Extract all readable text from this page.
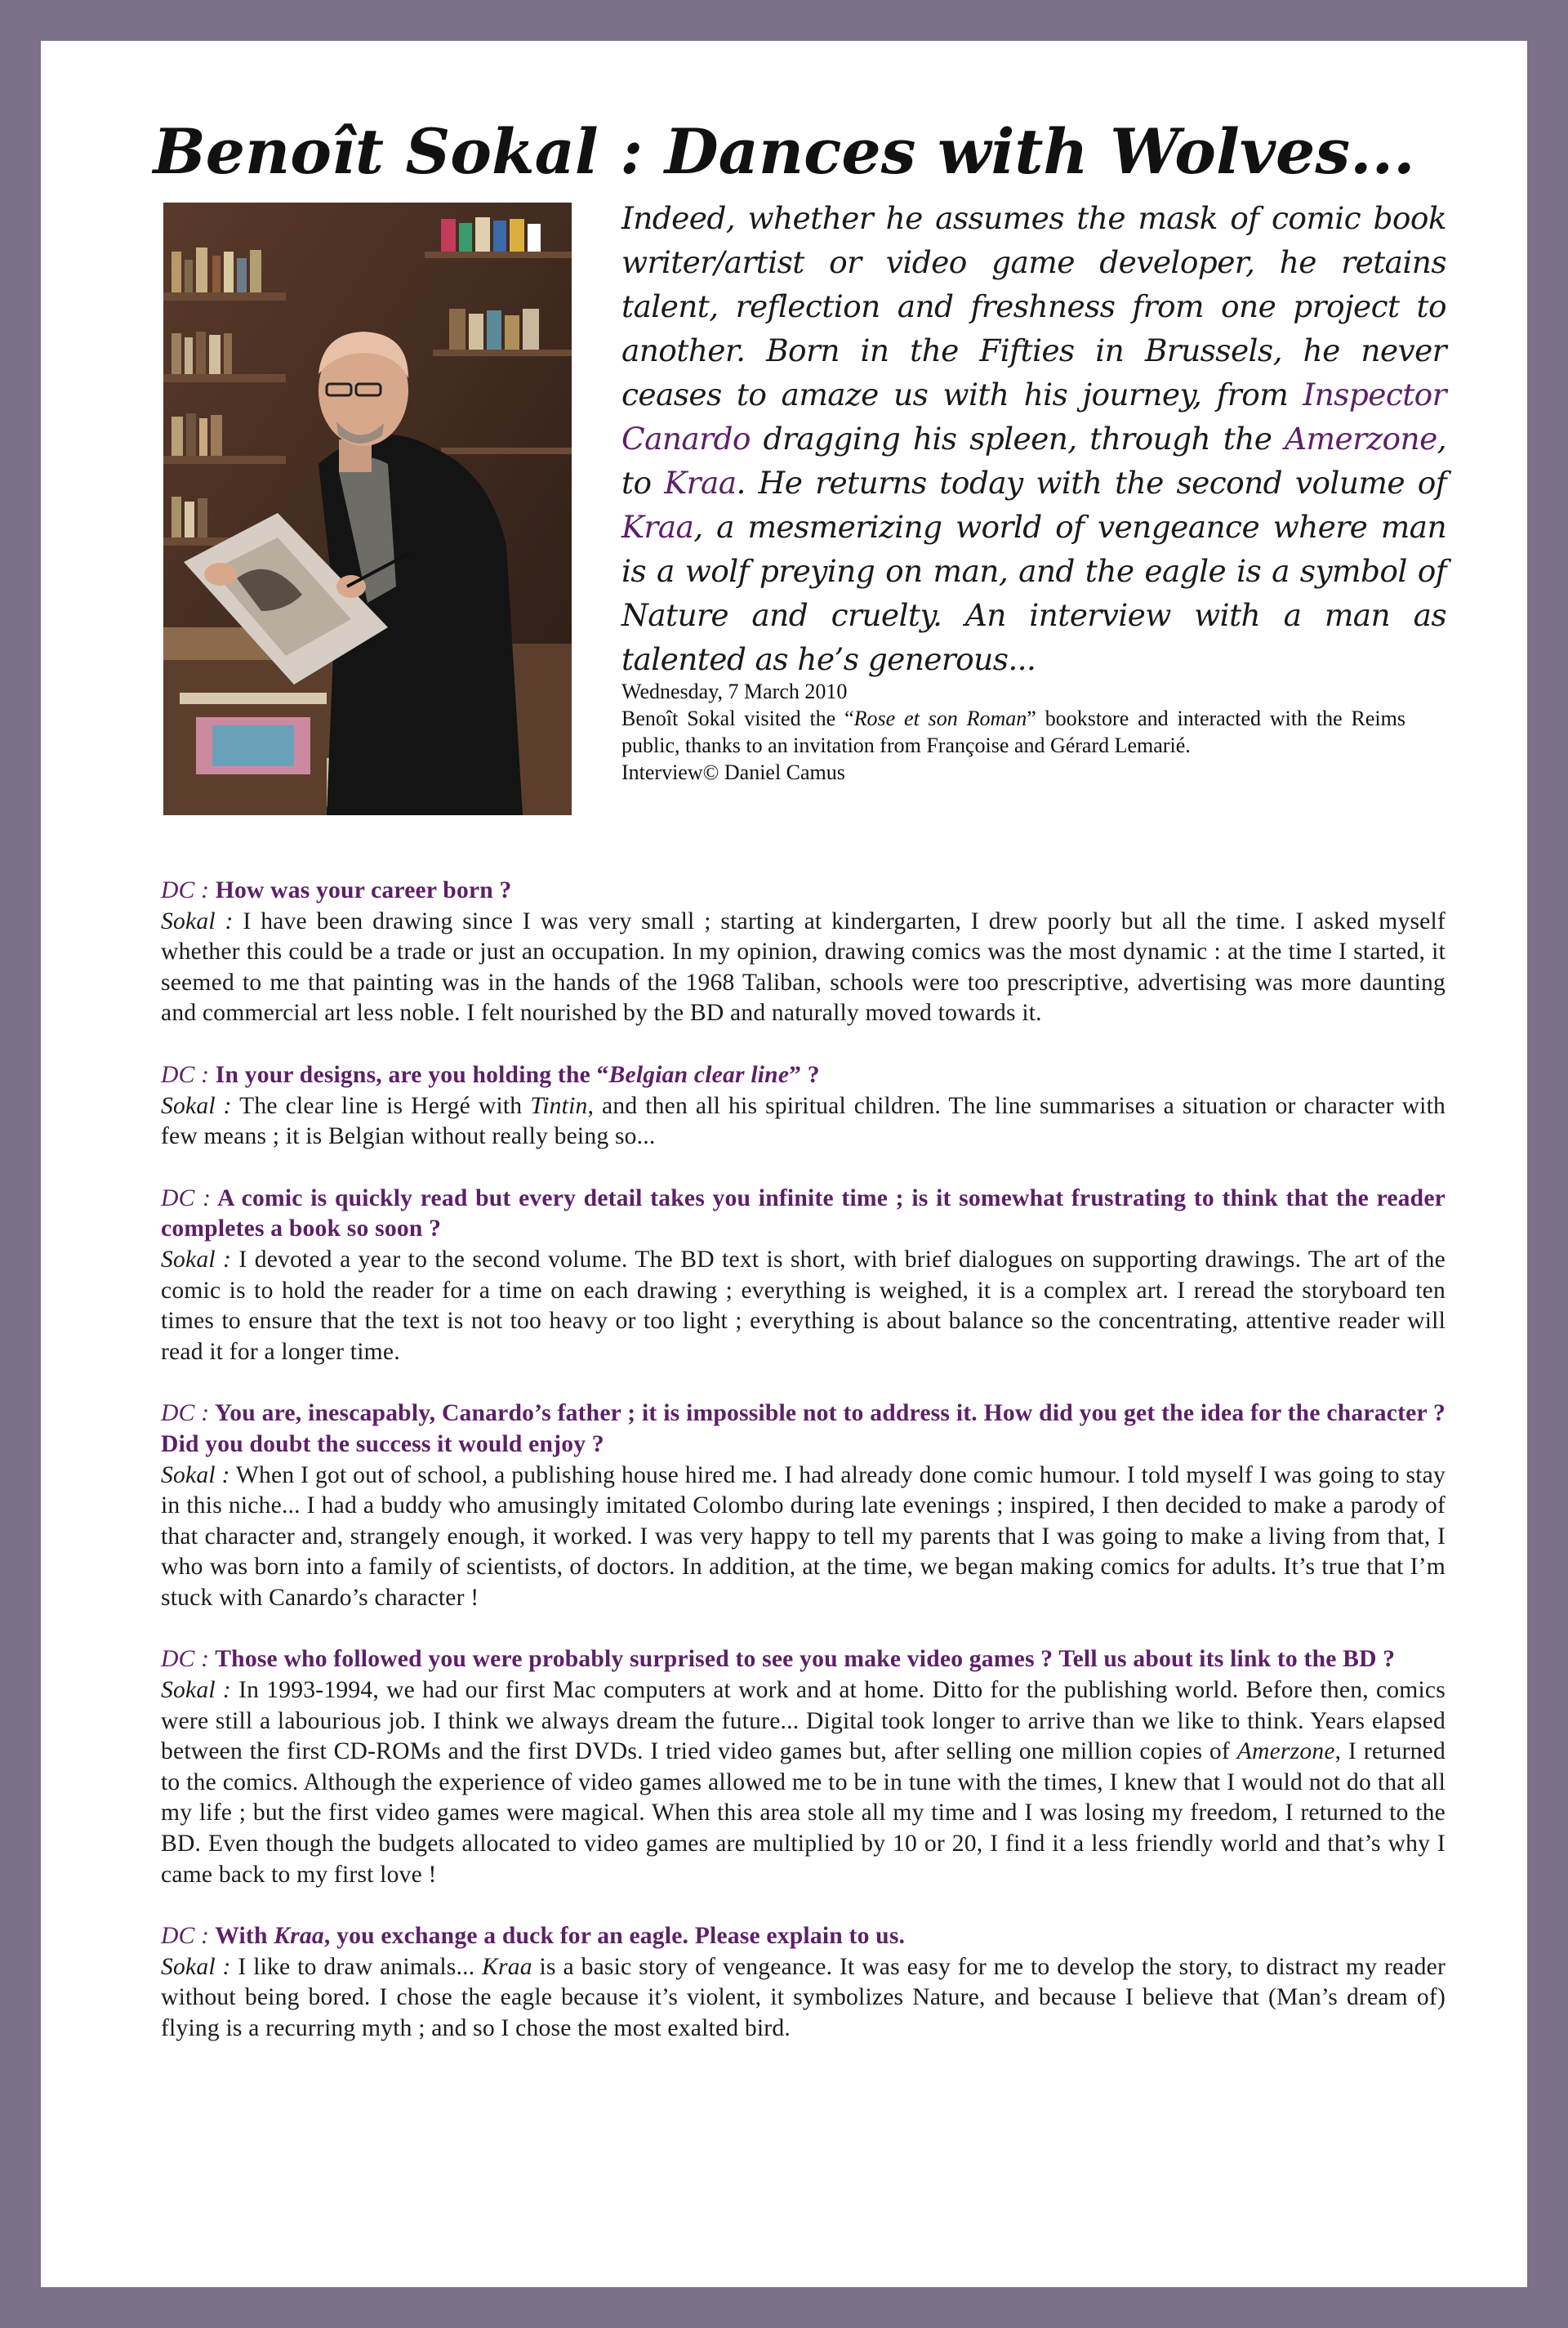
Benoît Sokal : Dances with Wolves...

Indeed, whether he assumes the mask of comic book writer/artist or video game developer, he retains talent, reflection and freshness from one project to another. Born in the Fifties in Brussels, he never ceases to amaze us with his journey, from Inspector Canardo dragging his spleen, through the Amerzone, to Kraa. He returns today with the second volume of Kraa, a mesmerizing world of vengeance where man is a wolf preying on man, and the eagle is a symbol of Nature and cruelty. An interview with a man as talented as he’s generous...

Wednesday, 7 March 2010
Benoît Sokal visited the “Rose et son Roman” bookstore and interacted with the Reims public, thanks to an invitation from Françoise and Gérard Lemarié.
Interview© Daniel Camus

DC : How was your career born ?

Sokal : I have been drawing since I was very small ; starting at kindergarten, I drew poorly but all the time. I asked myself whether this could be a trade or just an occupation. In my opinion, drawing comics was the most dynamic : at the time I started, it seemed to me that painting was in the hands of the 1968 Taliban, schools were too prescriptive, advertising was more daunting and commercial art less noble. I felt nourished by the BD and naturally moved towards it.

DC : In your designs, are you holding the “Belgian clear line” ?

Sokal : The clear line is Hergé with Tintin, and then all his spiritual children. The line summarises a situation or character with few means ; it is Belgian without really being so...

DC : A comic is quickly read but every detail takes you infinite time ; is it somewhat frustrating to think that the reader completes a book so soon ?

Sokal : I devoted a year to the second volume. The BD text is short, with brief dialogues on supporting drawings. The art of the comic is to hold the reader for a time on each drawing ; everything is weighed, it is a complex art. I reread the storyboard ten times to ensure that the text is not too heavy or too light ; everything is about balance so the concentrating, attentive reader will read it for a longer time.

DC : You are, inescapably, Canardo’s father ; it is impossible not to address it. How did you get the idea for the character ? Did you doubt the success it would enjoy ?

Sokal : When I got out of school, a publishing house hired me. I had already done comic humour. I told myself I was going to stay in this niche... I had a buddy who amusingly imitated Colombo during late evenings ; inspired, I then decided to make a parody of that character and, strangely enough, it worked. I was very happy to tell my parents that I was going to make a living from that, I who was born into a family of scientists, of doctors. In addition, at the time, we began making comics for adults. It’s true that I’m stuck with Canardo’s character !

DC : Those who followed you were probably surprised to see you make video games ? Tell us about its link to the BD ?

Sokal : In 1993-1994, we had our first Mac computers at work and at home. Ditto for the publishing world. Before then, comics were still a labourious job. I think we always dream the future... Digital took longer to arrive than we like to think. Years elapsed between the first CD-ROMs and the first DVDs. I tried video games but, after selling one million copies of Amerzone, I returned to the comics. Although the experience of video games allowed me to be in tune with the times, I knew that I would not do that all my life ; but the first video games were magical. When this area stole all my time and I was losing my freedom, I returned to the BD. Even though the budgets allocated to video games are multiplied by 10 or 20, I find it a less friendly world and that’s why I came back to my first love !

DC : With Kraa, you exchange a duck for an eagle. Please explain to us.

Sokal : I like to draw animals... Kraa is a basic story of vengeance. It was easy for me to develop the story, to distract my reader without being bored. I chose the eagle because it’s violent, it symbolizes Nature, and because I believe that (Man’s dream of) flying is a recurring myth ; and so I chose the most exalted bird.
